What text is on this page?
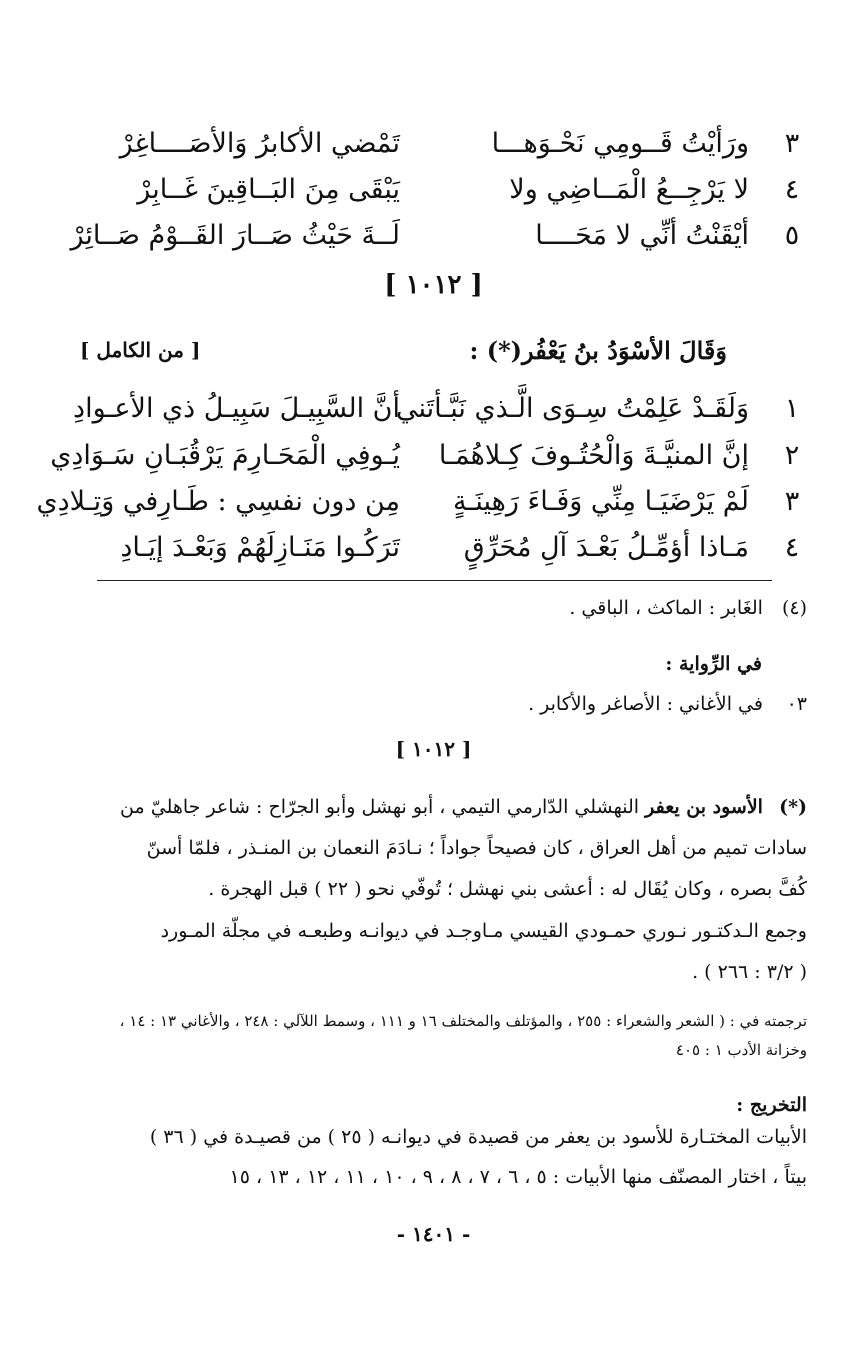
٣
ورَأيْتُ قَــومِي نَحْـوَهـــا
تَمْضي الأكابرُ وَالأصَــــاغِرْ
٤
لا يَرْجِــعُ الْمَــاضِي ولا
يَبْقَى مِنَ البَــاقِينَ غَــابِرْ
٥
أيْقَنْتُ أنِّي لا مَحَــــا
لَــةَ حَيْثُ صَــارَ القَــوْمُ صَــائِرْ
[ ١٠١٢ ]
وَقَالَ الأسْوَدُ بنُ يَعْفُر(*) :
[ من الكامل ]
١
وَلَقَـدْ عَلِمْتُ سِـوَى الَّـذي نَبَّـأتَني
أنَّ السَّبِيـلَ سَبِيـلُ ذي الأعـوادِ
٢
إنَّ المنيَّـةَ وَالْحُتُـوفَ كِـلاهُمَـا
يُـوفِي الْمَحَـارِمَ يَرْقُبَـانِ سَـوَادِي
٣
لَمْ يَرْضَيَـا مِنِّي وَفَـاءَ رَهِينَـةٍ
مِن دون نفسِي : طَـارِفي وَتِـلادِي
٤
مَـاذا أؤمِّـلُ بَعْـدَ آلِ مُحَرِّقٍ
تَرَكُـوا مَنَـازِلَهُمْ وَبَعْـدَ إيَـادِ
(٤) الغَابر : الماكث ، الباقي .
في الرِّواية :
٠٣ في الأغاني : الأصاغر والأكابر .
[ ١٠١٢ ]
(*) الأسود بن يعفر النهشلي الدّارمي التيمي ، أبو نهشل وأبو الجرّاح : شاعر جاهليّ من
سادات تميم من أهل العراق ، كان فصيحاً جواداً ؛ نـادَمَ النعمان بن المنـذر ، فلمّا أسنّ
كُفَّ بصره ، وكان يُقَال له : أعشى بني نهشل ؛ تُوفّي نحو ( ٢٢ ) قبل الهجرة .
وجمع الـدكتـور نـوري حمـودي القيسي مـاوجـد في ديوانـه وطبعـه في مجلّة المـورد
( ٣/٢ : ٢٦٦ ) .
ترجمته في : ( الشعر والشعراء : ٢٥٥ ، والمؤتلف والمختلف ١٦ و ١١١ ، وسمط اللآلي : ٢٤٨ ، والأغاني ١٣ : ١٤ ،
وخزانة الأدب ١ : ٤٠٥
التخريج :
الأبيات المختـارة للأسود بن يعفر من قصيدة في ديوانـه ( ٢٥ ) من قصيـدة في ( ٣٦ )
بيتاً ، اختار المصنّف منها الأبيات : ٥ ، ٦ ، ٧ ، ٨ ، ٩ ، ١٠ ، ١١ ، ١٢ ، ١٣ ، ١٥
- ١٤٠١ -
